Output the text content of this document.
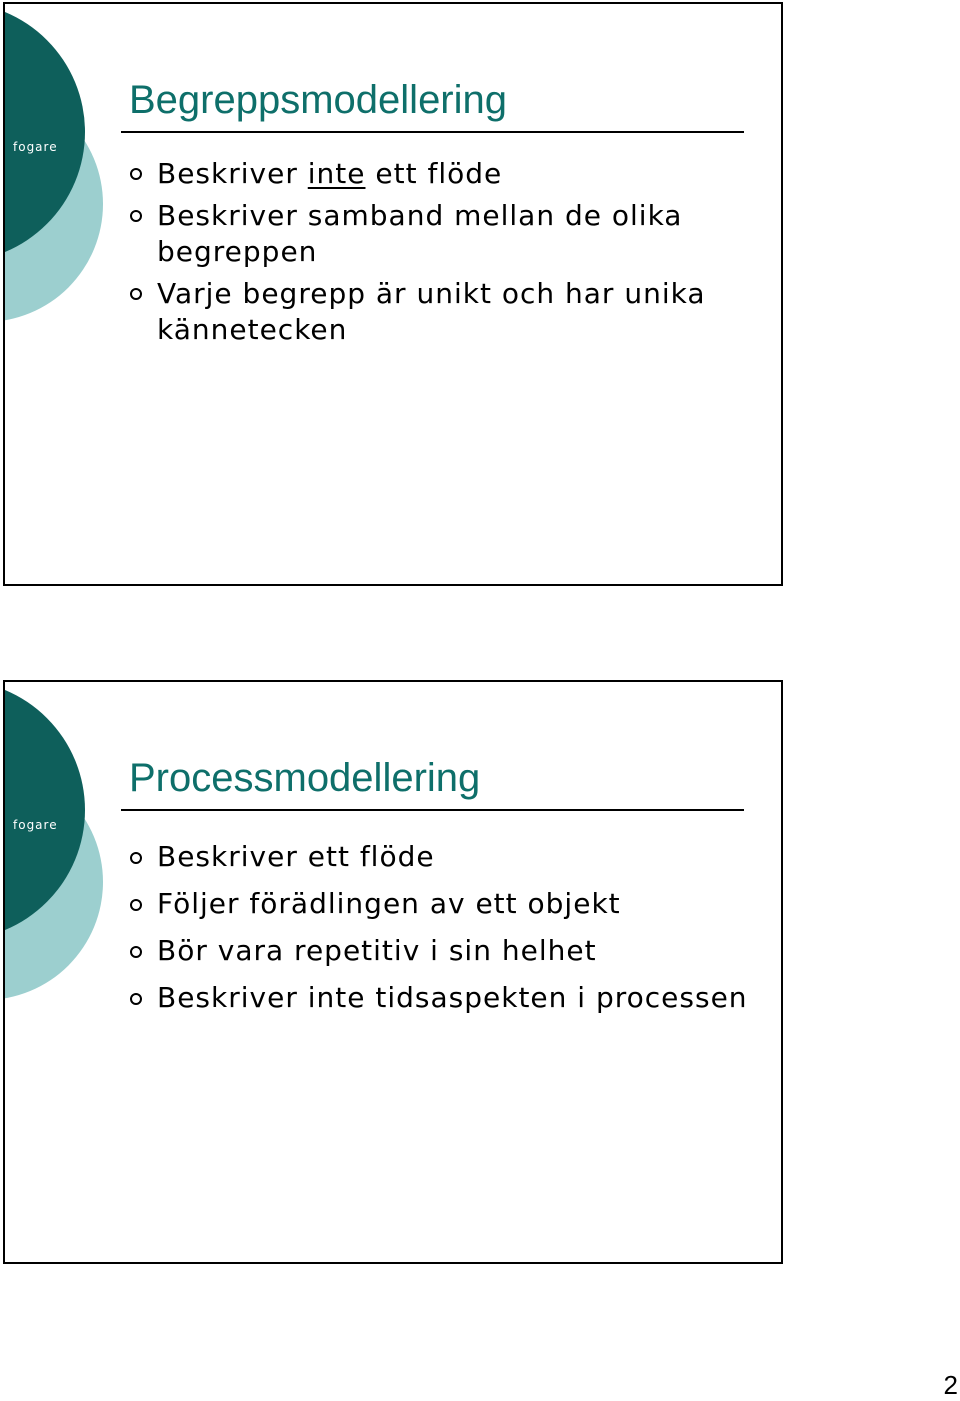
fogare
Begreppsmodellering
Beskriver inte ett flöde
Beskriver samband mellan de olika begreppen
Varje begrepp är unikt och har unika kännetecken
fogare
Processmodellering
Beskriver ett flöde
Följer förädlingen av ett objekt
Bör vara repetitiv i sin helhet
Beskriver inte tidsaspekten i processen
2
